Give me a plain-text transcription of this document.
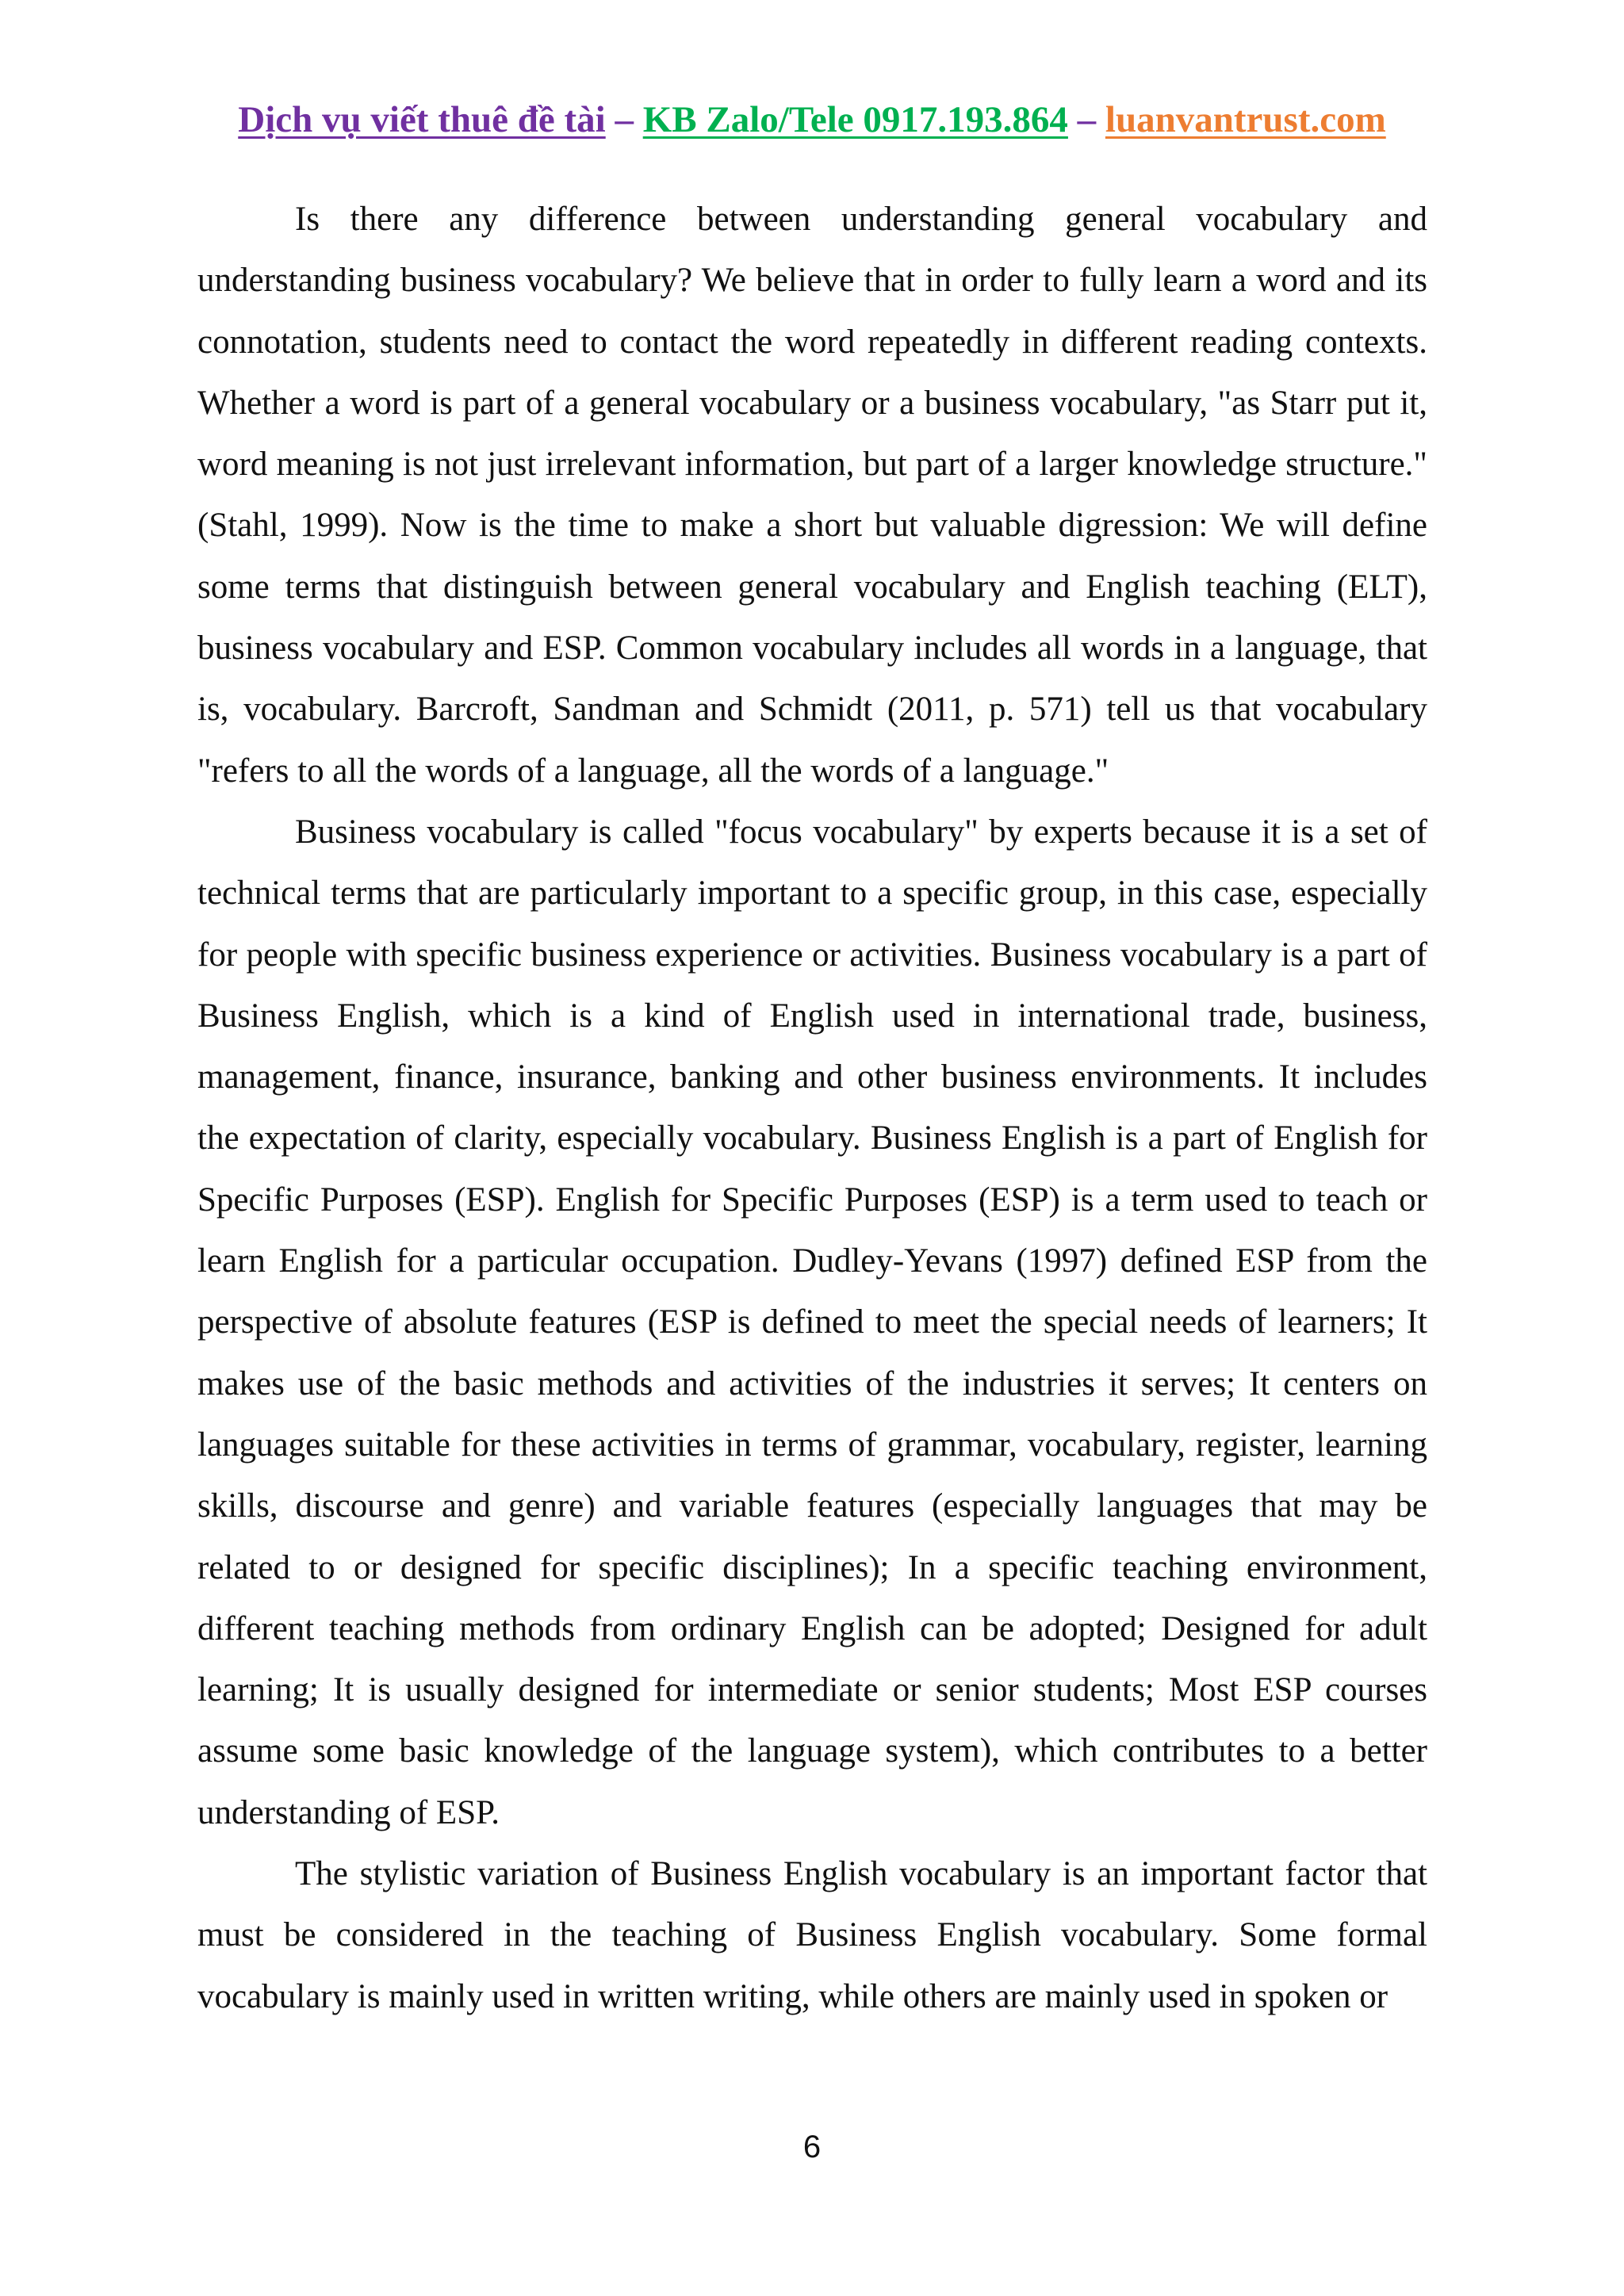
Dịch vụ viết thuê đề tài – KB Zalo/Tele 0917.193.864 – luanvantrust.com

Is there any difference between understanding general vocabulary and understanding business vocabulary? We believe that in order to fully learn a word and its connotation, students need to contact the word repeatedly in different reading contexts. Whether a word is part of a general vocabulary or a business vocabulary, "as Starr put it, word meaning is not just irrelevant information, but part of a larger knowledge structure." (Stahl, 1999). Now is the time to make a short but valuable digression: We will define some terms that distinguish between general vocabulary and English teaching (ELT), business vocabulary and ESP. Common vocabulary includes all words in a language, that is, vocabulary. Barcroft, Sandman and Schmidt (2011, p. 571) tell us that vocabulary "refers to all the words of a language, all the words of a language."

Business vocabulary is called "focus vocabulary" by experts because it is a set of technical terms that are particularly important to a specific group, in this case, especially for people with specific business experience or activities. Business vocabulary is a part of Business English, which is a kind of English used in international trade, business, management, finance, insurance, banking and other business environments. It includes the expectation of clarity, especially vocabulary. Business English is a part of English for Specific Purposes (ESP). English for Specific Purposes (ESP) is a term used to teach or learn English for a particular occupation. Dudley-Yevans (1997) defined ESP from the perspective of absolute features (ESP is defined to meet the special needs of learners; It makes use of the basic methods and activities of the industries it serves; It centers on languages suitable for these activities in terms of grammar, vocabulary, register, learning skills, discourse and genre) and variable features (especially languages that may be related to or designed for specific disciplines); In a specific teaching environment, different teaching methods from ordinary English can be adopted; Designed for adult learning; It is usually designed for intermediate or senior students; Most ESP courses assume some basic knowledge of the language system), which contributes to a better understanding of ESP.

The stylistic variation of Business English vocabulary is an important factor that must be considered in the teaching of Business English vocabulary. Some formal vocabulary is mainly used in written writing, while others are mainly used in spoken or

6
